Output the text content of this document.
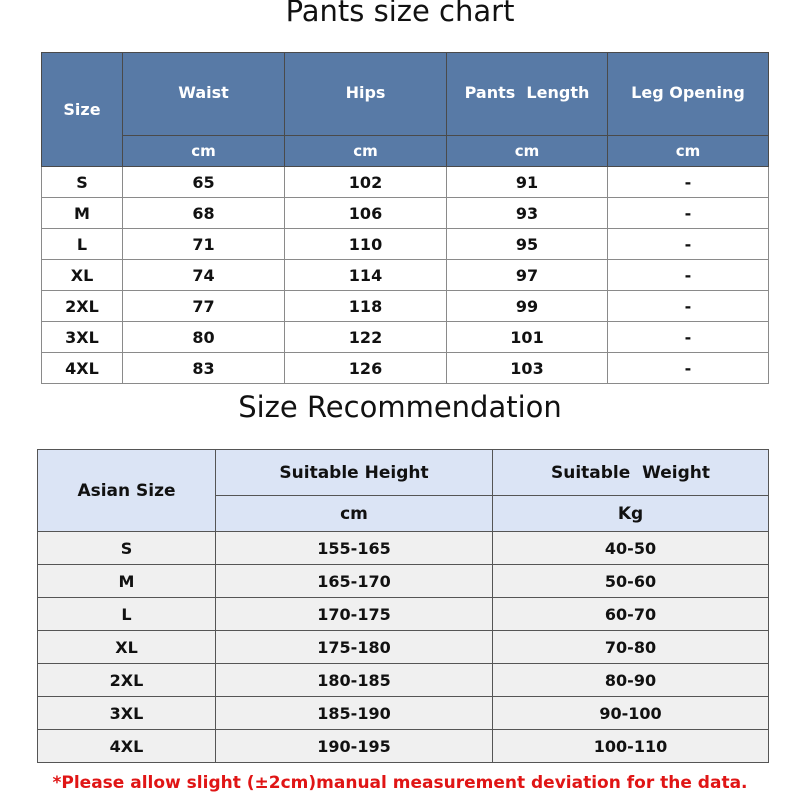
Pants size chart
Size	Waist	Hips	Pants  Length	Leg Opening
	cm	cm	cm	cm
S	65	102	91	-
M	68	106	93	-
L	71	110	95	-
XL	74	114	97	-
2XL	77	118	99	-
3XL	80	122	101	-
4XL	83	126	103	-
Size Recommendation
Asian Size	Suitable Height	Suitable  Weight
	cm	Kg
S	155-165	40-50
M	165-170	50-60
L	170-175	60-70
XL	175-180	70-80
2XL	180-185	80-90
3XL	185-190	90-100
4XL	190-195	100-110
*Please allow slight (±2cm)manual measurement deviation for the data.
